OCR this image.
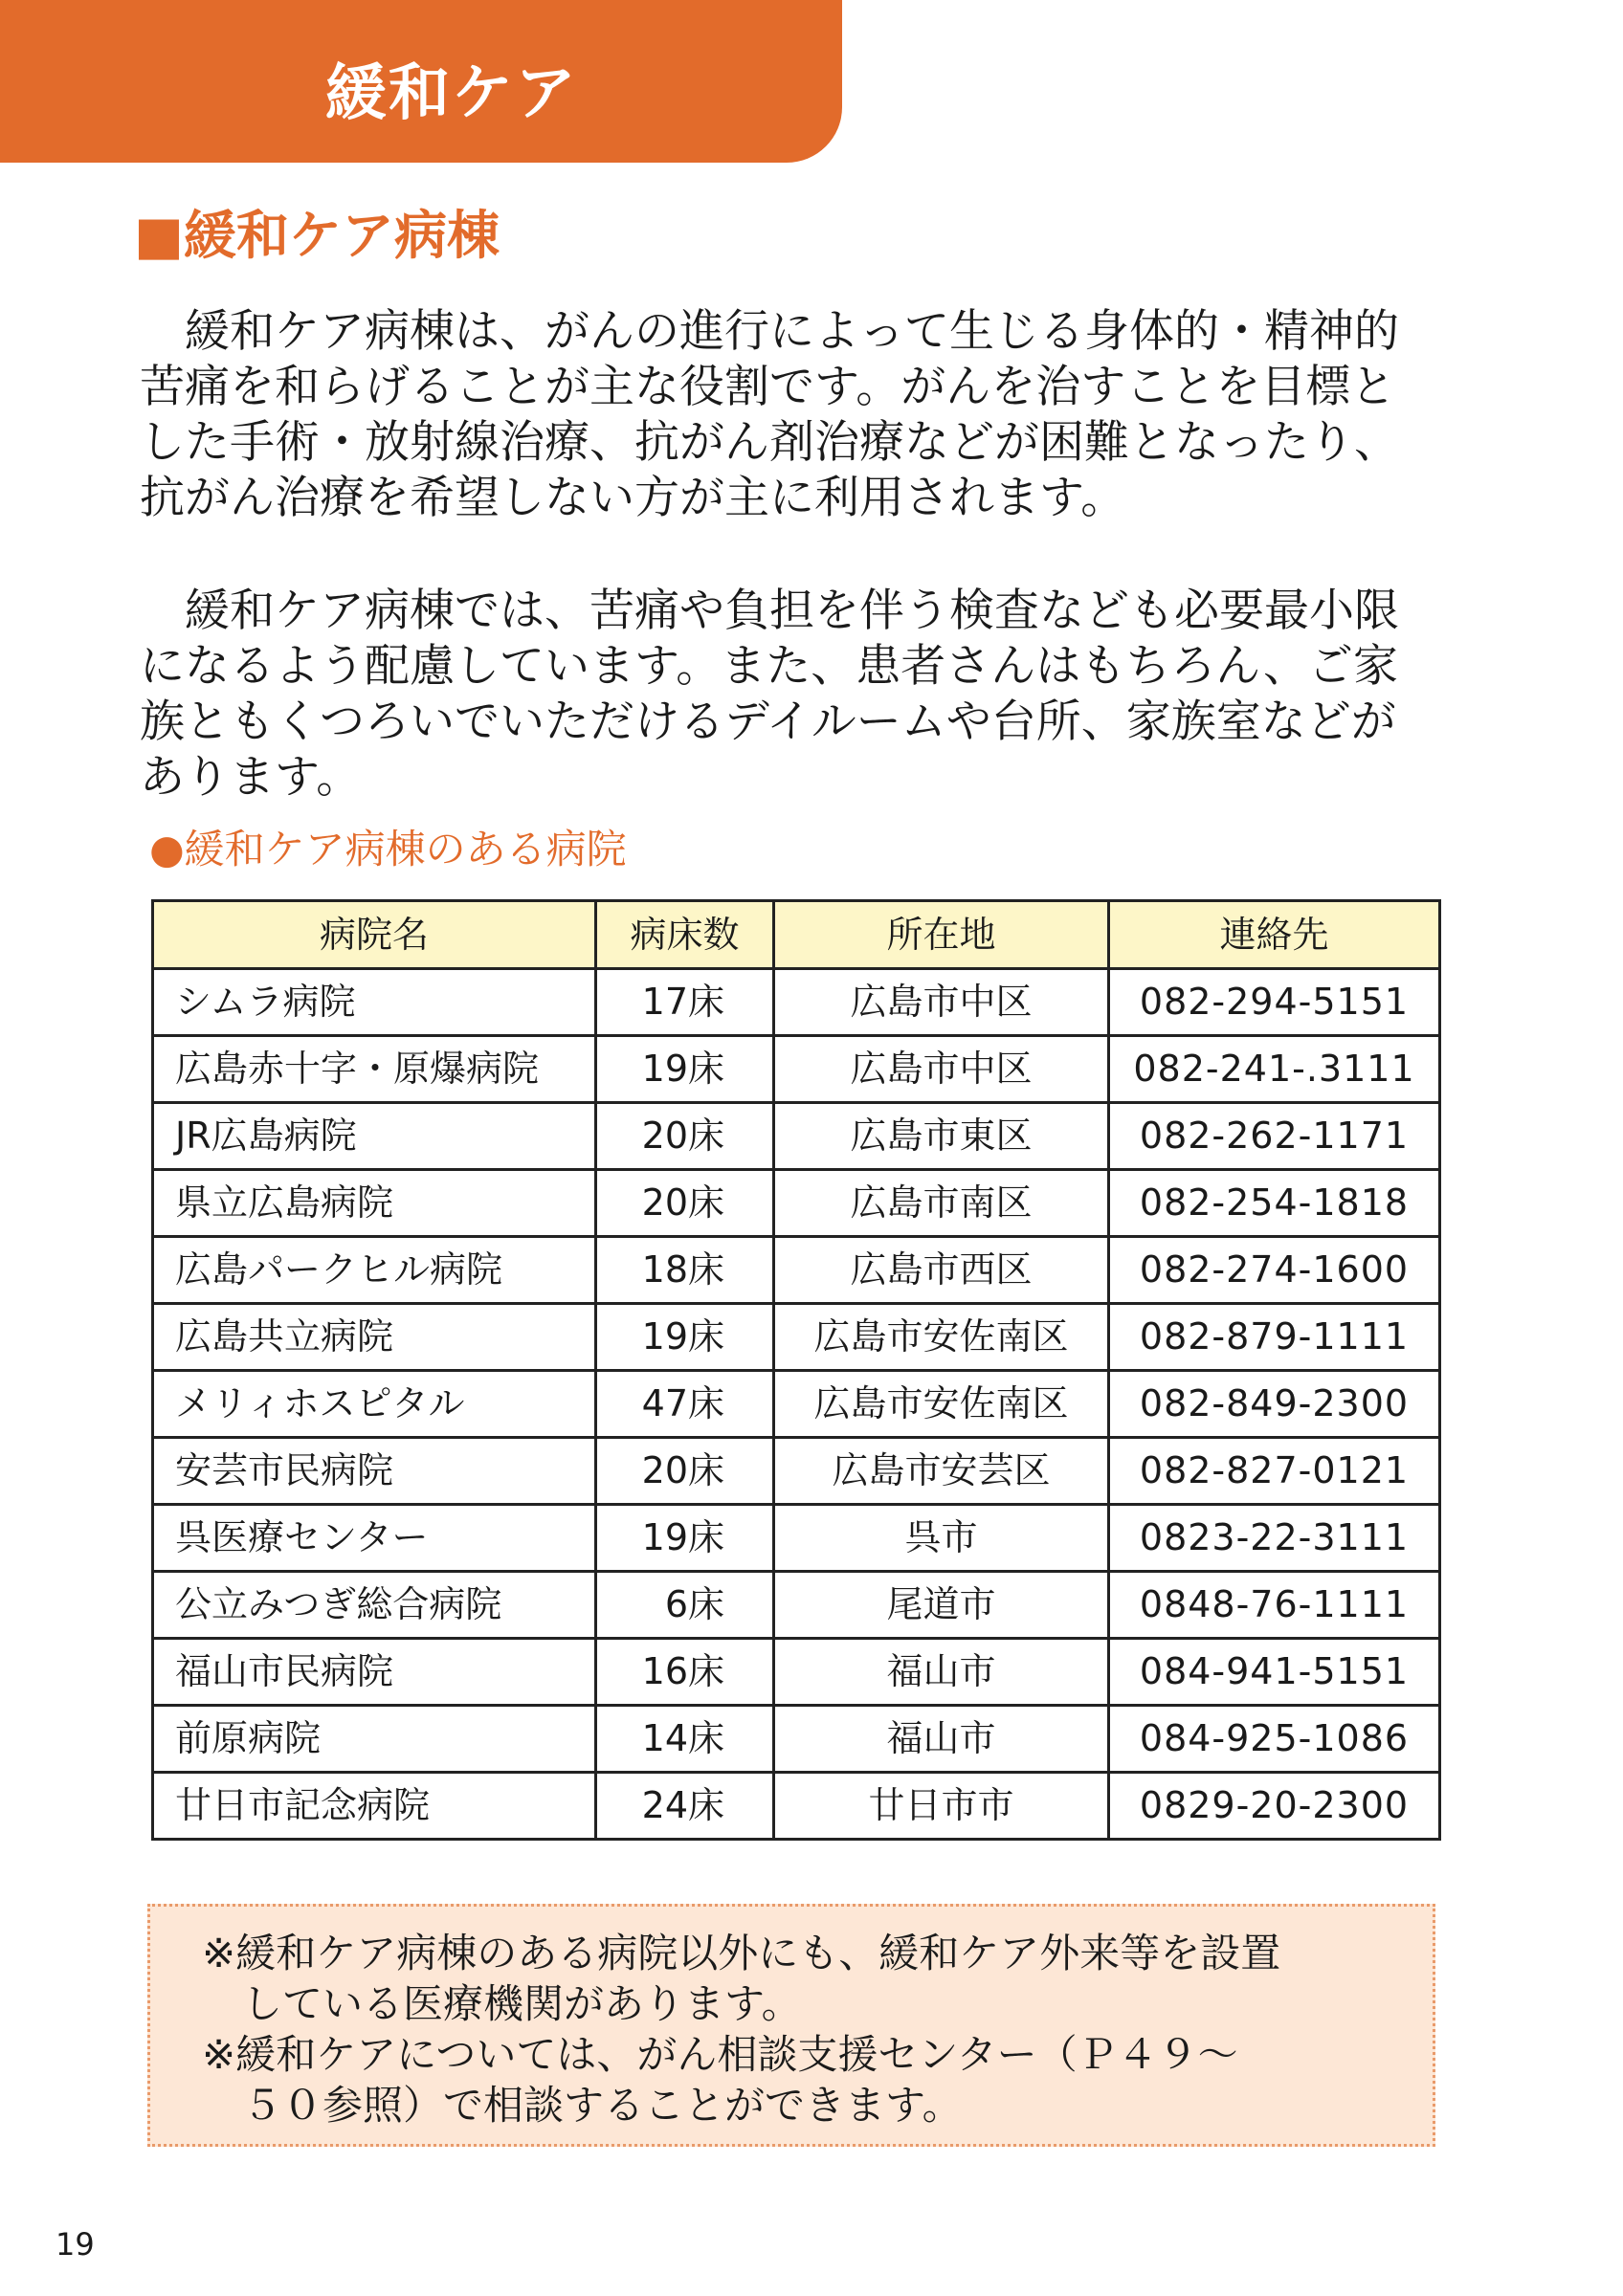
緩和ケア
■緩和ケア病棟
　緩和ケア病棟は、がんの進行によって生じる身体的・精神的
苦痛を和らげることが主な役割です。がんを治すことを目標と
した手術・放射線治療、抗がん剤治療などが困難となったり、
抗がん治療を希望しない方が主に利用されます。
　緩和ケア病棟では、苦痛や負担を伴う検査なども必要最小限
になるよう配慮しています。また、患者さんはもちろん、ご家
族ともくつろいでいただけるデイルームや台所、家族室などが
あります。
●緩和ケア病棟のある病院
病院名	病床数	所在地	連絡先
シムラ病院	17床	広島市中区	082-294-5151
広島赤十字・原爆病院	19床	広島市中区	082-241-.3111
JR広島病院	20床	広島市東区	082-262-1171
県立広島病院	20床	広島市南区	082-254-1818
広島パークヒル病院	18床	広島市西区	082-274-1600
広島共立病院	19床	広島市安佐南区	082-879-1111
メリィホスピタル	47床	広島市安佐南区	082-849-2300
安芸市民病院	20床	広島市安芸区	082-827-0121
呉医療センター	19床	呉市	0823-22-3111
公立みつぎ総合病院	6床	尾道市	0848-76-1111
福山市民病院	16床	福山市	084-941-5151
前原病院	14床	福山市	084-925-1086
廿日市記念病院	24床	廿日市市	0829-20-2300
※緩和ケア病棟のある病院以外にも、緩和ケア外来等を設置
している医療機関があります。
※緩和ケアについては、がん相談支援センター（Ｐ４９～
５０参照）で相談することができます。
19
